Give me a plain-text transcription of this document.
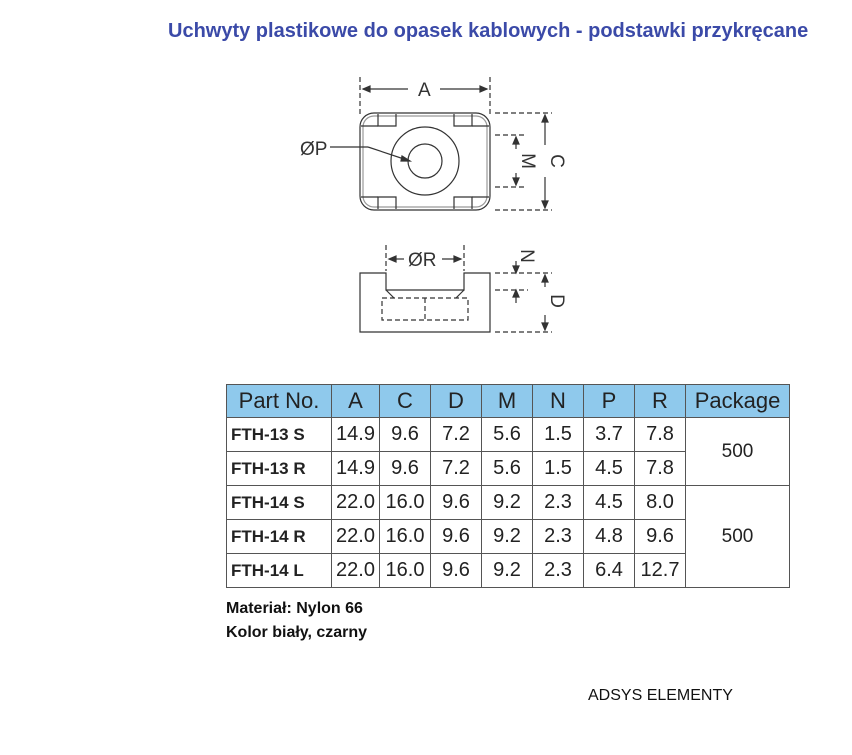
Uchwyty plastikowe do opasek kablowych - podstawki przykręcane
A
ØP
M C
ØR	N
D
Part No.	A	C	D	M	N	P	R	Package
FTH-13 S	14.9	9.6	7.2	5.6	1.5	3.7	7.8	500
FTH-13 R	14.9	9.6	7.2	5.6	1.5	4.5	7.8	
FTH-14 S	22.0	16.0	9.6	9.2	2.3	4.5	8.0	500
FTH-14 R	22.0	16.0	9.6	9.2	2.3	4.8	9.6	
FTH-14 L	22.0	16.0	9.6	9.2	2.3	6.4	12.7	
Materiał: Nylon 66
Kolor biały, czarny
ADSYS ELEMENTY
